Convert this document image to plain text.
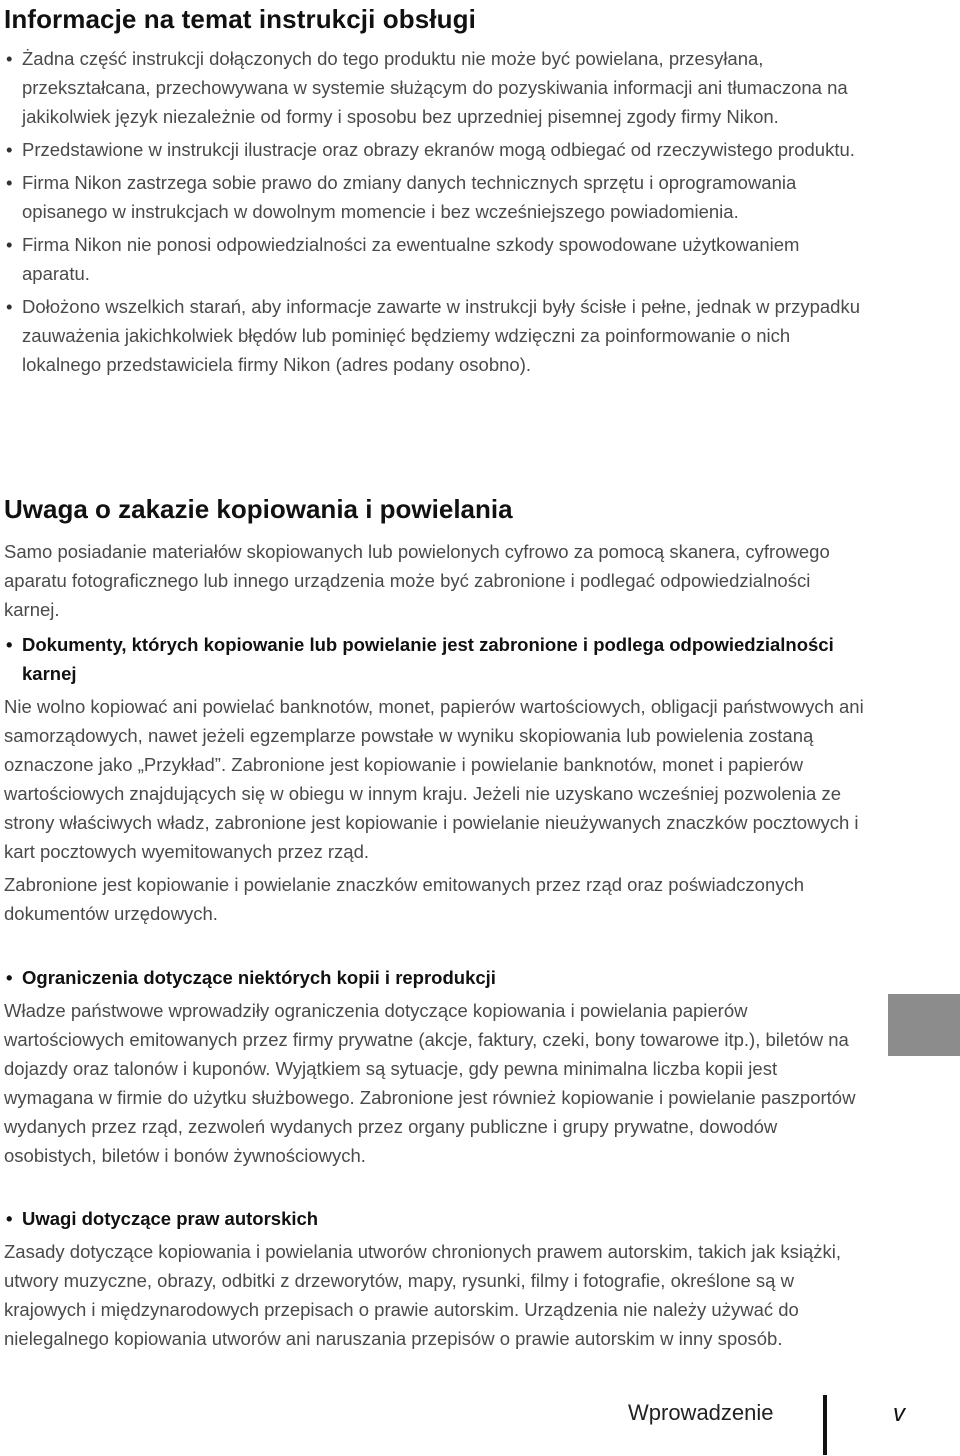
Informacje na temat instrukcji obsługi

• Żadna część instrukcji dołączonych do tego produktu nie może być powielana, przesyłana, przekształcana, przechowywana w systemie służącym do pozyskiwania informacji ani tłumaczona na jakikolwiek język niezależnie od formy i sposobu bez uprzedniej pisemnej zgody firmy Nikon.

• Przedstawione w instrukcji ilustracje oraz obrazy ekranów mogą odbiegać od rzeczywistego produktu.

• Firma Nikon zastrzega sobie prawo do zmiany danych technicznych sprzętu i oprogramowania opisanego w instrukcjach w dowolnym momencie i bez wcześniejszego powiadomienia.

• Firma Nikon nie ponosi odpowiedzialności za ewentualne szkody spowodowane użytkowaniem aparatu.

• Dołożono wszelkich starań, aby informacje zawarte w instrukcji były ścisłe i pełne, jednak w przypadku zauważenia jakichkolwiek błędów lub pominięć będziemy wdzięczni za poinformowanie o nich lokalnego przedstawiciela firmy Nikon (adres podany osobno).

Uwaga o zakazie kopiowania i powielania

Samo posiadanie materiałów skopiowanych lub powielonych cyfrowo za pomocą skanera, cyfrowego aparatu fotograficznego lub innego urządzenia może być zabronione i podlegać odpowiedzialności karnej.

• Dokumenty, których kopiowanie lub powielanie jest zabronione i podlega odpowiedzialności karnej

Nie wolno kopiować ani powielać banknotów, monet, papierów wartościowych, obligacji państwowych ani samorządowych, nawet jeżeli egzemplarze powstałe w wyniku skopiowania lub powielenia zostaną oznaczone jako „Przykład”. Zabronione jest kopiowanie i powielanie banknotów, monet i papierów wartościowych znajdujących się w obiegu w innym kraju. Jeżeli nie uzyskano wcześniej pozwolenia ze strony właściwych władz, zabronione jest kopiowanie i powielanie nieużywanych znaczków pocztowych i kart pocztowych wyemitowanych przez rząd.

Zabronione jest kopiowanie i powielanie znaczków emitowanych przez rząd oraz poświadczonych dokumentów urzędowych.

• Ograniczenia dotyczące niektórych kopii i reprodukcji

Władze państwowe wprowadziły ograniczenia dotyczące kopiowania i powielania papierów wartościowych emitowanych przez firmy prywatne (akcje, faktury, czeki, bony towarowe itp.), biletów na dojazdy oraz talonów i kuponów. Wyjątkiem są sytuacje, gdy pewna minimalna liczba kopii jest wymagana w firmie do użytku służbowego. Zabronione jest również kopiowanie i powielanie paszportów wydanych przez rząd, zezwoleń wydanych przez organy publiczne i grupy prywatne, dowodów osobistych, biletów i bonów żywnościowych.

• Uwagi dotyczące praw autorskich

Zasady dotyczące kopiowania i powielania utworów chronionych prawem autorskim, takich jak książki, utwory muzyczne, obrazy, odbitki z drzeworytów, mapy, rysunki, filmy i fotografie, określone są w krajowych i międzynarodowych przepisach o prawie autorskim. Urządzenia nie należy używać do nielegalnego kopiowania utworów ani naruszania przepisów o prawie autorskim w inny sposób.

Wprowadzenie	v
